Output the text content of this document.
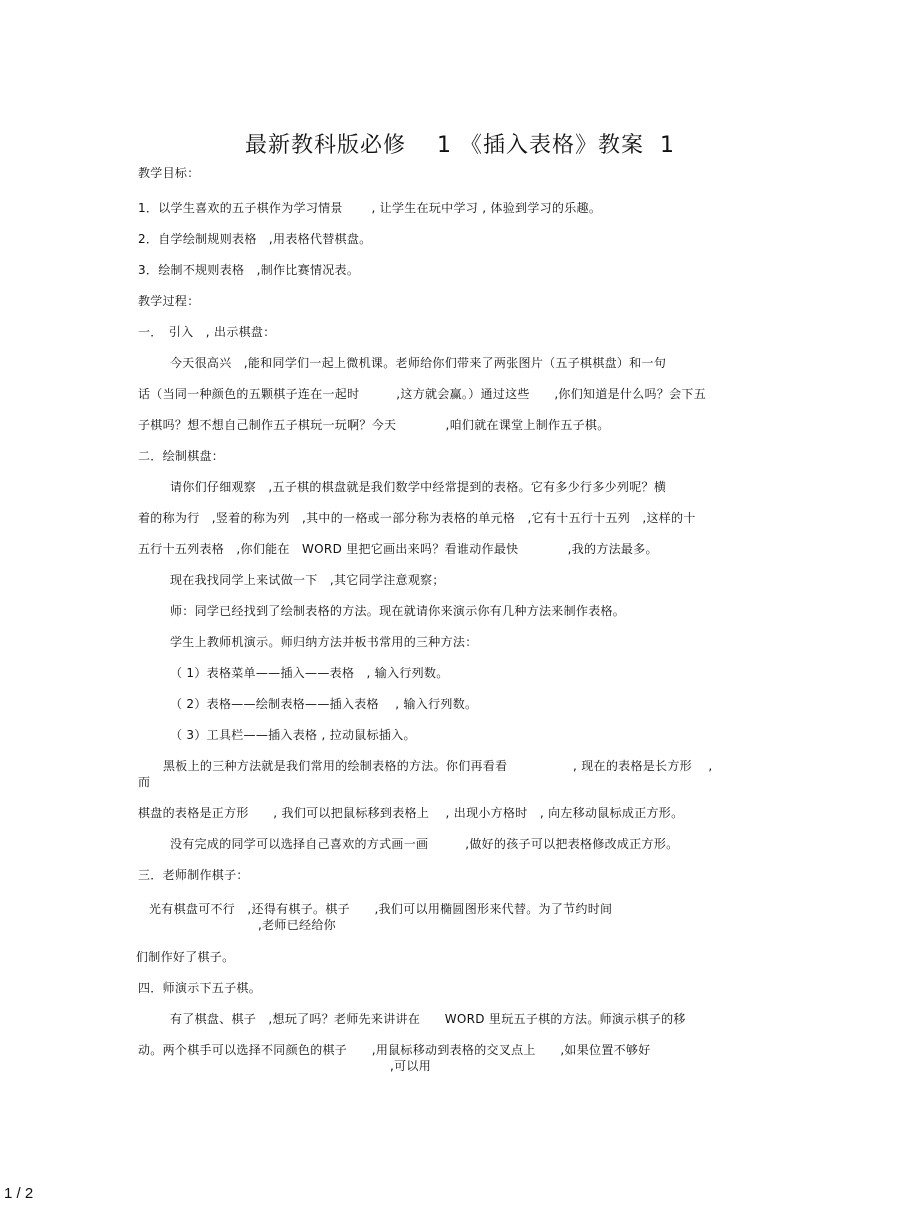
最新教科版必修　 1 《插入表格》教案  1
教学目标：
1．以学生喜欢的五子棋作为学习情景　　 , 让学生在玩中学习 , 体验到学习的乐趣。
2．自学绘制规则表格　,用表格代替棋盘。
3．绘制不规则表格　,制作比赛情况表。
教学过程：
一．　引入　, 出示棋盘：
今天很高兴　,能和同学们一起上微机课。老师给你们带来了两张图片（五子棋棋盘）和一句
话（当同一种颜色的五颗棋子连在一起时　　　,这方就会赢。）通过这些　　,你们知道是什么吗？会下五
子棋吗？想不想自己制作五子棋玩一玩啊？今天　　　　,咱们就在课堂上制作五子棋。
二．绘制棋盘：
请你们仔细观察　,五子棋的棋盘就是我们数学中经常提到的表格。它有多少行多少列呢？横
着的称为行　,竖着的称为列　,其中的一格或一部分称为表格的单元格　,它有十五行十五列　,这样的十
五行十五列表格　,你们能在　WORD 里把它画出来吗？看谁动作最快　　　　,我的方法最多。
现在我找同学上来试做一下　,其它同学注意观察；
师：同学已经找到了绘制表格的方法。现在就请你来演示你有几种方法来制作表格。
学生上教师机演示。师归纳方法并板书常用的三种方法：
（ 1）表格菜单——插入——表格　, 输入行列数。
（ 2）表格——绘制表格——插入表格　 , 输入行列数。
（ 3）工具栏——插入表格 , 拉动鼠标插入。
黑板上的三种方法就是我们常用的绘制表格的方法。你们再看看　　　　　 , 现在的表格是长方形　 ,
而
棋盘的表格是正方形　　, 我们可以把鼠标移到表格上　 , 出现小方格时　, 向左移动鼠标成正方形。
没有完成的同学可以选择自己喜欢的方式画一画　　　,做好的孩子可以把表格修改成正方形。
三．老师制作棋子：
光有棋盘可不行　,还得有棋子。棋子　　,我们可以用椭圆图形来代替。为了节约时间
,老师已经给你
们制作好了棋子。
四．师演示下五子棋。
有了棋盘、棋子　,想玩了吗？老师先来讲讲在　　WORD 里玩五子棋的方法。师演示棋子的移
动。两个棋手可以选择不同颜色的棋子　　,用鼠标移动到表格的交叉点上　　,如果位置不够好
,可以用
1 / 2
